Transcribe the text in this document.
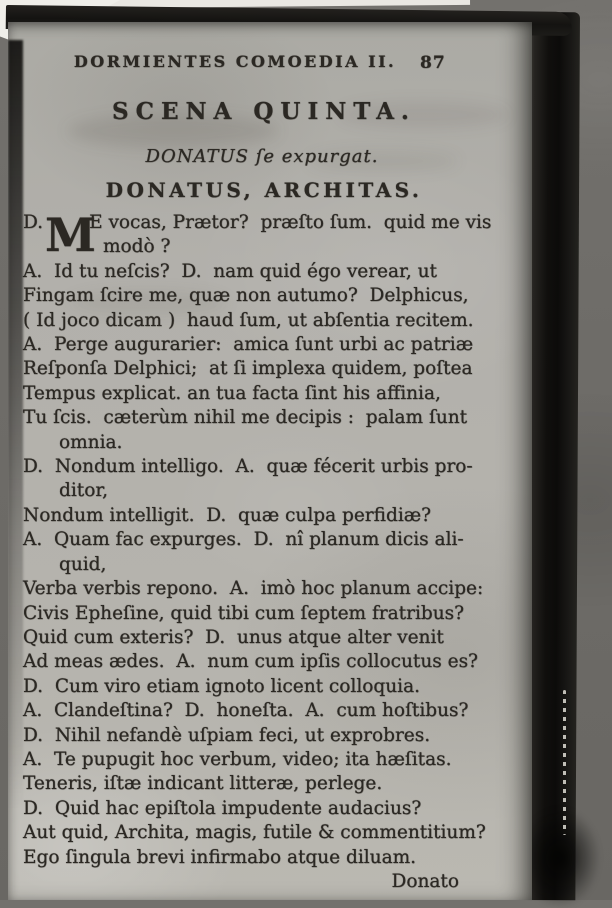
DORMIENTES COMOEDIA II. 87
SCENA QUINTA.
DONATUS ſe expurgat.
DONATUS, ARCHITAS.
M
D. E vocas, Prætor?  præſto ſum.  quid me vis
modò ?
A.  Id tu neſcis?  D.  nam quid égo verear, ut
Fingam ſcire me, quæ non autumo?  Delphicus,
( Id joco dicam )  haud ſum, ut abſentia recitem.
A.  Perge augurarier:  amica ſunt urbi ac patriæ
Reſponſa Delphici;  at ſi implexa quidem, poſtea
Tempus explicat. an tua facta ſint his affinia,
Tu ſcis.  cæterùm nihil me decipis :  palam ſunt
omnia.
D.  Nondum intelligo.  A.  quæ fécerit urbis pro-
ditor,
Nondum intelligit.  D.  quæ culpa perfidiæ?
A.  Quam fac expurges.  D.  nî planum dicis ali-
quid,
Verba verbis repono.  A.  imò hoc planum accipe:
Civis Epheſine, quid tibi cum ſeptem fratribus?
Quid cum exteris?  D.  unus atque alter venit
Ad meas ædes.  A.  num cum ipſis collocutus es?
D.  Cum viro etiam ignoto licent colloquia.
A.  Clandeſtina?  D.  honeſta.  A.  cum hoſtibus?
D.  Nihil nefandè uſpiam feci, ut exprobres.
A.  Te pupugit hoc verbum, video; ita hæſitas.
Teneris, iſtæ indicant litteræ, perlege.
D.  Quid hac epiſtola impudente audacius?
Aut quid, Archita, magis, futile & commentitium?
Ego ſingula brevi infirmabo atque diluam.
Donato
